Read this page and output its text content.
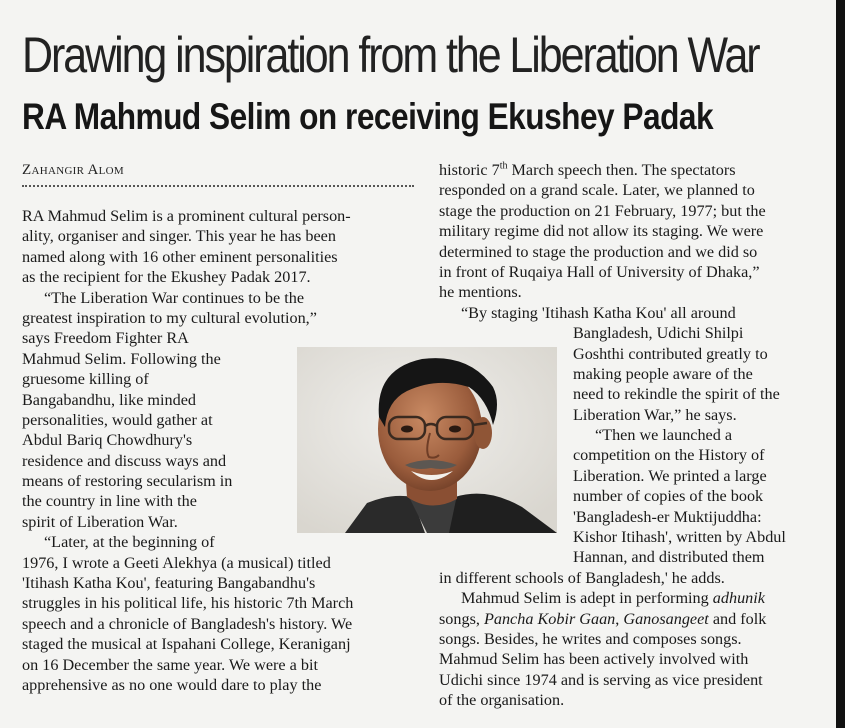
Drawing inspiration from the Liberation War
RA Mahmud Selim on receiving Ekushey Padak
Zahangir Alom
RA Mahmud Selim is a prominent cultural person-
ality, organiser and singer. This year he has been
named along with 16 other eminent personalities
as the recipient for the Ekushey Padak 2017.
“The Liberation War continues to be the
greatest inspiration to my cultural evolution,”
says Freedom Fighter RA
Mahmud Selim. Following the
gruesome killing of
Bangabandhu, like minded
personalities, would gather at
Abdul Bariq Chowdhury's
residence and discuss ways and
means of restoring secularism in
the country in line with the
spirit of Liberation War.
“Later, at the beginning of
1976, I wrote a Geeti Alekhya (a musical) titled
'Itihash Katha Kou', featuring Bangabandhu's
struggles in his political life, his historic 7th March
speech and a chronicle of Bangladesh's history. We
staged the musical at Ispahani College, Keraniganj
on 16 December the same year. We were a bit
apprehensive as no one would dare to play the
historic 7th March speech then. The spectators
responded on a grand scale. Later, we planned to
stage the production on 21 February, 1977; but the
military regime did not allow its staging. We were
determined to stage the production and we did so
in front of Ruqaiya Hall of University of Dhaka,”
he mentions.
“By staging 'Itihash Katha Kou' all around
Bangladesh, Udichi Shilpi
Goshthi contributed greatly to
making people aware of the
need to rekindle the spirit of the
Liberation War,” he says.
“Then we launched a
competition on the History of
Liberation. We printed a large
number of copies of the book
'Bangladesh-er Muktijuddha:
Kishor Itihash', written by Abdul
Hannan, and distributed them
in different schools of Bangladesh,' he adds.
Mahmud Selim is adept in performing adhunik
songs, Pancha Kobir Gaan, Ganosangeet and folk
songs. Besides, he writes and composes songs.
Mahmud Selim has been actively involved with
Udichi since 1974 and is serving as vice president
of the organisation.
